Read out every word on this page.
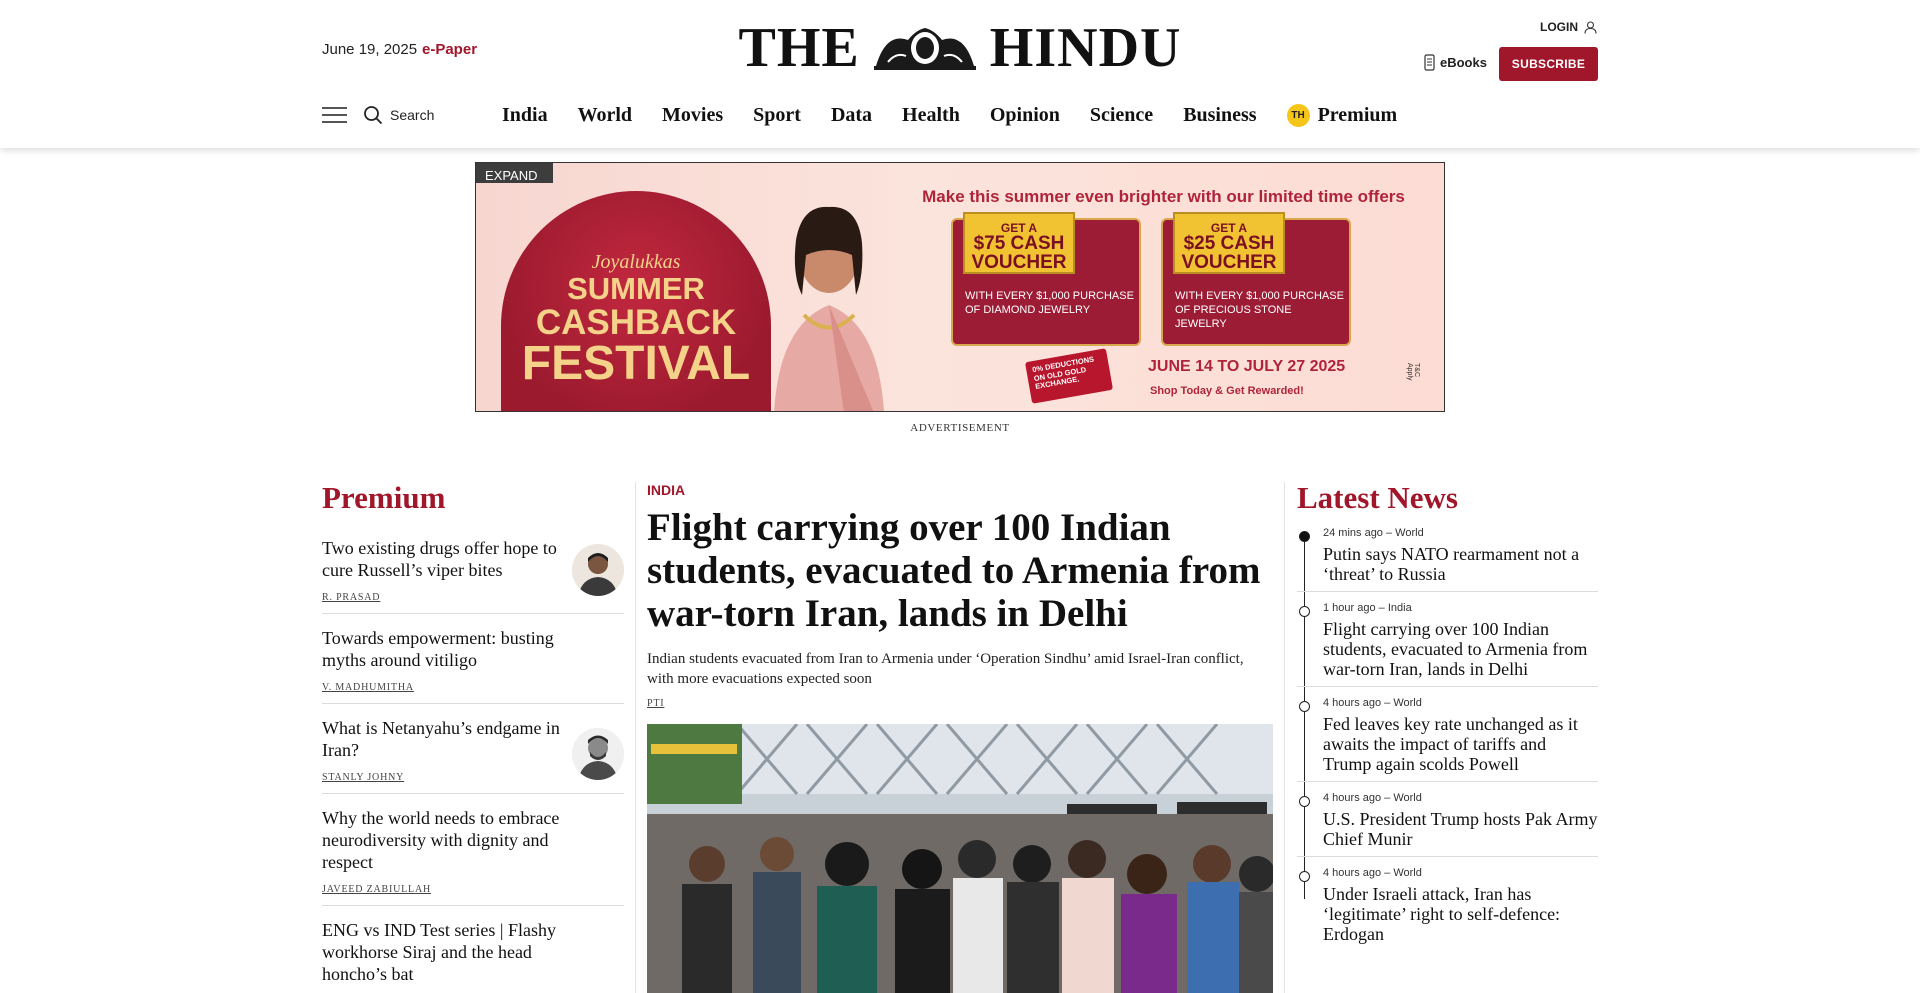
June 19, 2025 e-Paper	THE HINDU	LOGIN
eBooks	SUBSCRIBE
Search	India World Movies Sport Data Health Opinion Science Business	TH Premium
EXPAND
Joyalukkas
SUMMER
CASHBACK
FESTIVAL
Make this summer even brighter with our limited time offers
GET A
$75 CASH
VOUCHER
WITH EVERY $1,000 PURCHASE OF DIAMOND JEWELRY
GET A
$25 CASH
VOUCHER
WITH EVERY $1,000 PURCHASE OF PRECIOUS STONE JEWELRY
0% DEDUCTIONS ON OLD GOLD EXCHANGE.
JUNE 14 TO JULY 27 2025
Shop Today & Get Rewarded!
T&C Apply
ADVERTISEMENT
Premium
Two existing drugs offer hope to cure Russell’s viper bites
R. PRASAD
Towards empowerment: busting myths around vitiligo
V. MADHUMITHA
What is Netanyahu’s endgame in Iran?
STANLY JOHNY
Why the world needs to embrace neurodiversity with dignity and respect
JAVEED ZABIULLAH
ENG vs IND Test series | Flashy workhorse Siraj and the head honcho’s bat
INDIA
Flight carrying over 100 Indian students, evacuated to Armenia from war-torn Iran, lands in Delhi

Indian students evacuated from Iran to Armenia under ‘Operation Sindhu’ amid Israel-Iran conflict, with more evacuations expected soon

PTI
Latest News
24 mins ago – World
Putin says NATO rearmament not a ‘threat’ to Russia
1 hour ago – India
Flight carrying over 100 Indian students, evacuated to Armenia from war-torn Iran, lands in Delhi
4 hours ago – World
Fed leaves key rate unchanged as it awaits the impact of tariffs and Trump again scolds Powell
4 hours ago – World
U.S. President Trump hosts Pak Army Chief Munir
4 hours ago – World
Under Israeli attack, Iran has ‘legitimate’ right to self-defence: Erdogan
